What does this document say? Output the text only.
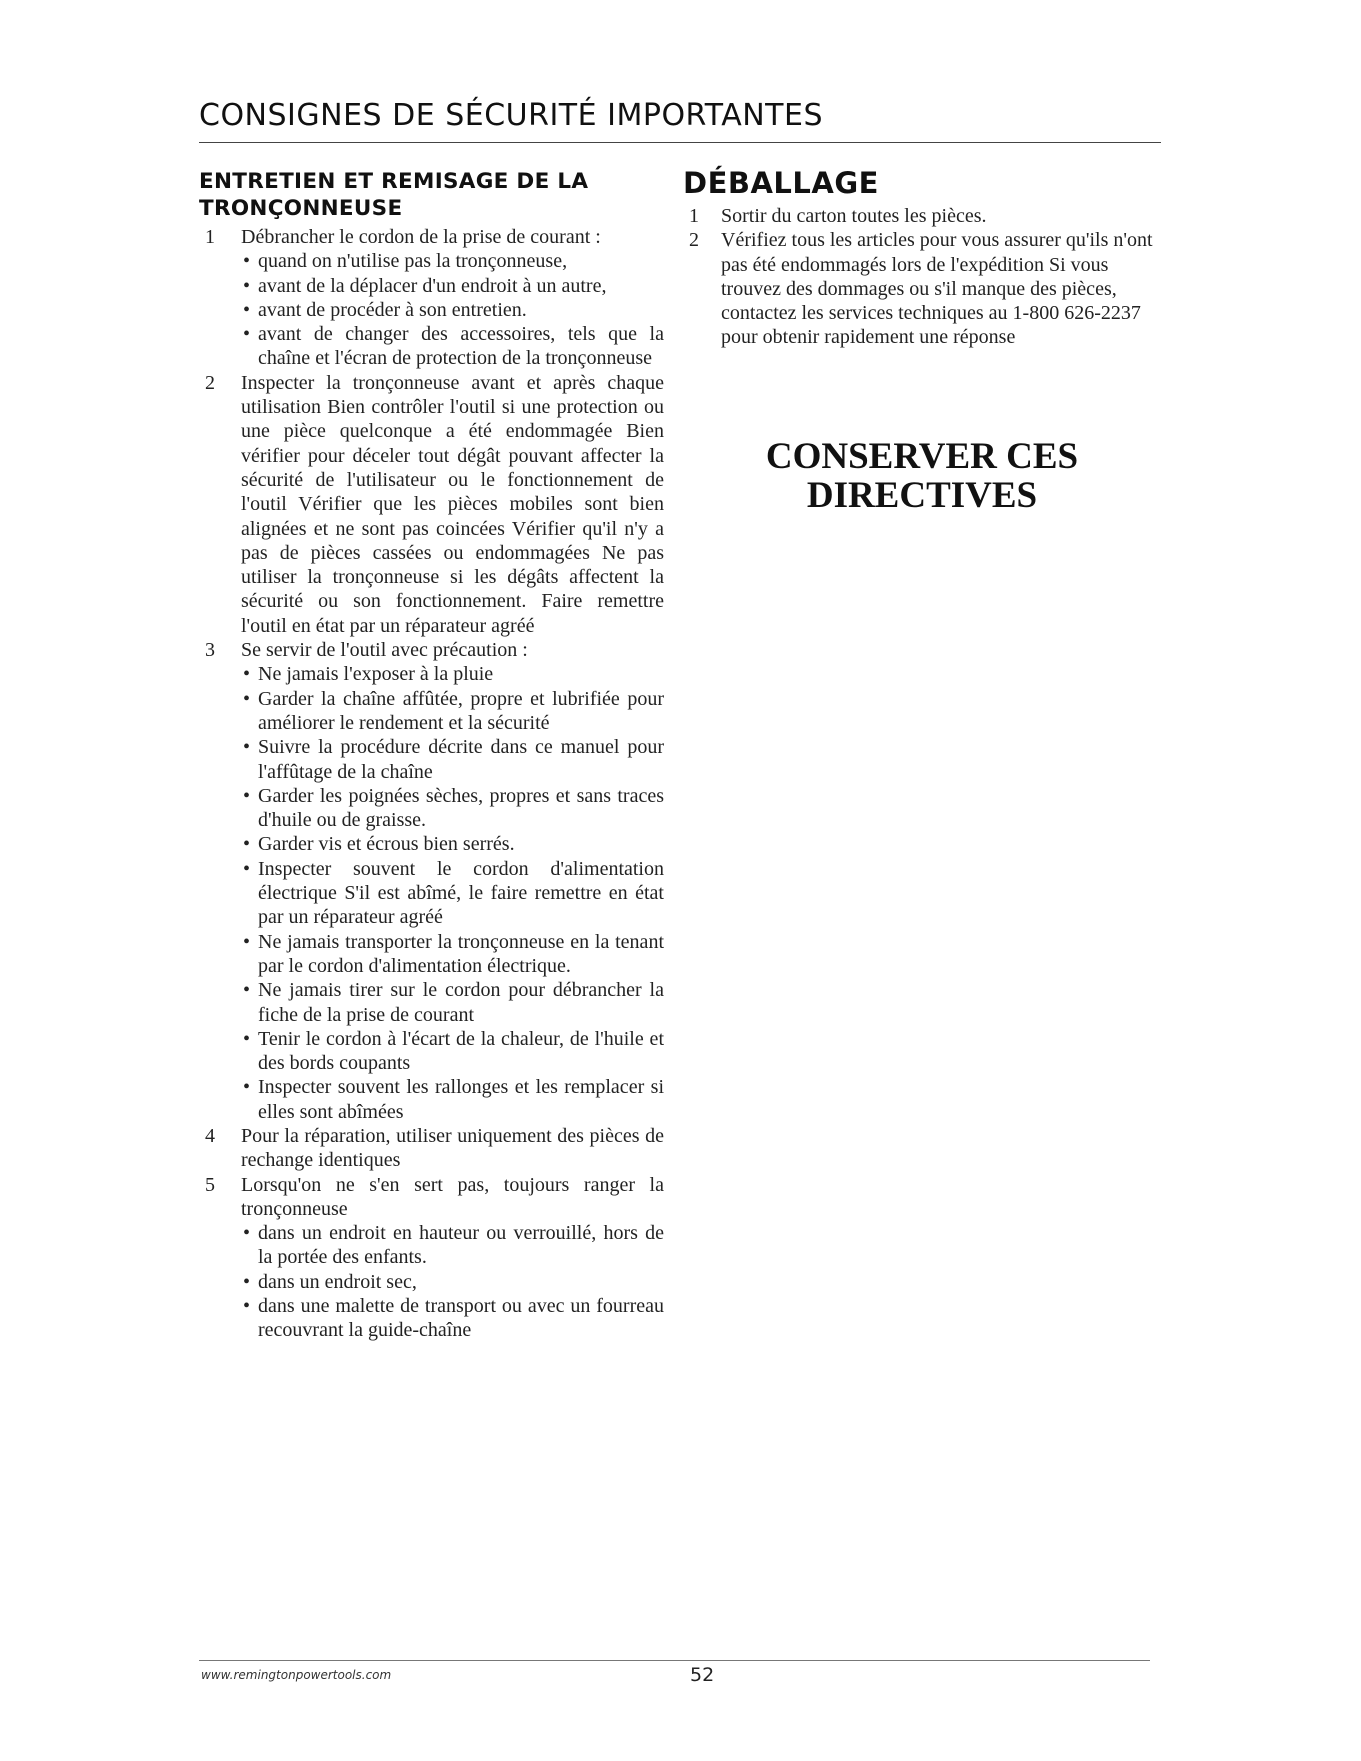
CONSIGNES DE SÉCURITÉ IMPORTANTES
ENTRETIEN ET REMISAGE DE LA TRONÇONNEUSE
1 Débrancher le cordon de la prise de courant :
• quand on n'utilise pas la tronçonneuse,
• avant de la déplacer d'un endroit à un autre,
• avant de procéder à son entretien.
• avant de changer des accessoires, tels que la chaîne et l'écran de protection de la tronçonneuse
2 Inspecter la tronçonneuse avant et après chaque utilisation Bien contrôler l'outil si une protection ou une pièce quelconque a été endommagée Bien vérifier pour déceler tout dégât pouvant affecter la sécurité de l'utilisateur ou le fonctionnement de l'outil Vérifier que les pièces mobiles sont bien alignées et ne sont pas coincées Vérifier qu'il n'y a pas de pièces cassées ou endommagées Ne pas utiliser la tronçonneuse si les dégâts affectent la sécurité ou son fonctionnement. Faire remettre l'outil en état par un réparateur agréé
3 Se servir de l'outil avec précaution :
• Ne jamais l'exposer à la pluie
• Garder la chaîne affûtée, propre et lubrifiée pour améliorer le rendement et la sécurité
• Suivre la procédure décrite dans ce manuel pour l'affûtage de la chaîne
• Garder les poignées sèches, propres et sans traces d'huile ou de graisse.
• Garder vis et écrous bien serrés.
• Inspecter souvent le cordon d'alimentation électrique S'il est abîmé, le faire remettre en état par un réparateur agréé
• Ne jamais transporter la tronçonneuse en la tenant par le cordon d'alimentation électrique.
• Ne jamais tirer sur le cordon pour débrancher la fiche de la prise de courant
• Tenir le cordon à l'écart de la chaleur, de l'huile et des bords coupants
• Inspecter souvent les rallonges et les remplacer si elles sont abîmées
4 Pour la réparation, utiliser uniquement des pièces de rechange identiques
5 Lorsqu'on ne s'en sert pas, toujours ranger la tronçonneuse
• dans un endroit en hauteur ou verrouillé, hors de la portée des enfants.
• dans un endroit sec,
• dans une malette de transport ou avec un fourreau recouvrant la guide-chaîne
DÉBALLAGE
1 Sortir du carton toutes les pièces.
2 Vérifiez tous les articles pour vous assurer qu'ils n'ont pas été endommagés lors de l'expédition Si vous trouvez des dommages ou s'il manque des pièces, contactez les services techniques au 1-800 626-2237 pour obtenir rapidement une réponse
CONSERVER CES
DIRECTIVES
www.remingtonpowertools.com	52
